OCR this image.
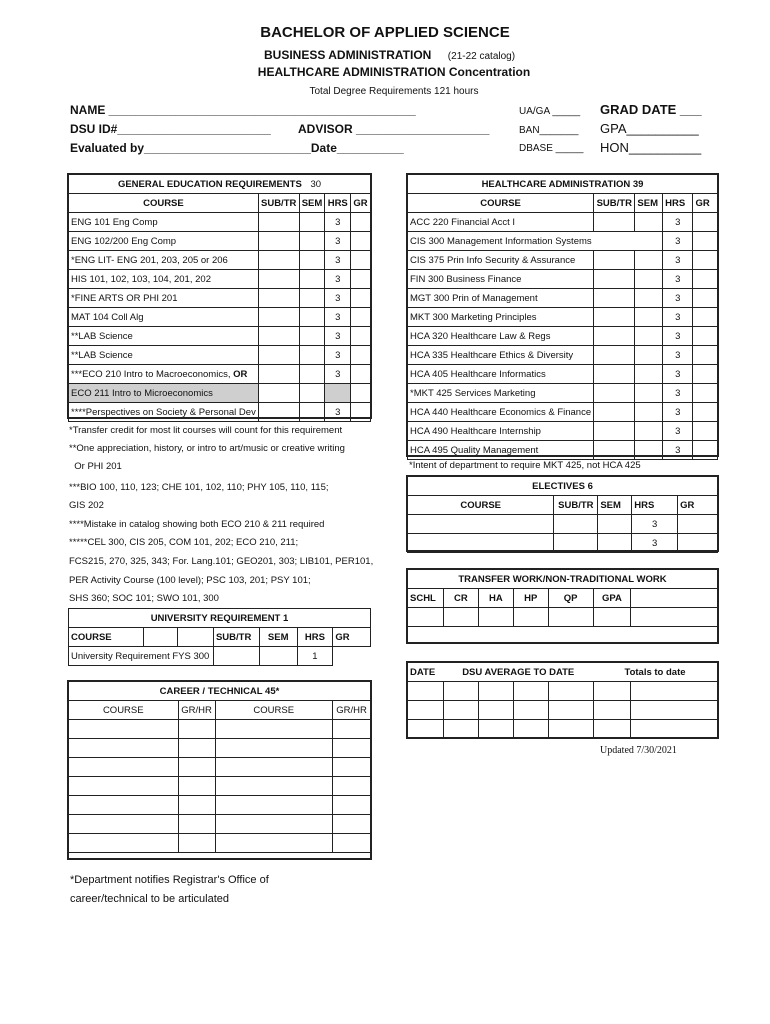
BACHELOR OF APPLIED SCIENCE
BUSINESS ADMINISTRATION (21-22 catalog)
HEALTHCARE ADMINISTRATION Concentration
Total Degree Requirements 121 hours
NAME ______________________________________________
DSU ID#_______________________ ADVISOR ____________________
Evaluated by_________________________Date__________
UA/GA _____
BAN_______
DBASE _____
GRAD DATE ___
GPA__________
HON__________
GENERAL EDUCATION REQUIREMENTS 30				
COURSE	SUB/TR	SEM	HRS	GR
ENG 101 Eng Comp			3	
ENG 102/200 Eng Comp			3	
*ENG LIT- ENG 201, 203, 205 or 206			3	
HIS 101, 102, 103, 104, 201, 202			3	
*FINE ARTS OR PHI 201			3	
MAT 104 Coll Alg			3	
**LAB Science			3	
**LAB Science			3	
***ECO 210 Intro to Macroeconomics, OR			3	
ECO 211 Intro to Microeconomics				
****Perspectives on Society & Personal Dev			3	
*Transfer credit for most lit courses will count for this requirement
**One appreciation, history, or intro to art/music or creative writing
Or PHI 201
***BIO 100, 110, 123; CHE 101, 102, 110; PHY 105, 110, 115;
GIS 202
****Mistake in catalog showing both ECO 210 & 211 required
*****CEL 300, CIS 205, COM 101, 202; ECO 210, 211;
FCS215, 270, 325, 343; For. Lang.101; GEO201, 303; LIB101, PER101,
PER Activity Course (100 level); PSC 103, 201; PSY 101;
SHS 360; SOC 101; SWO 101, 300
UNIVERSITY REQUIREMENT 1						
COURSE			SUB/TR	SEM	HRS	GR
University Requirement FYS 300					1	
CAREER / TECHNICAL 45*			
COURSE	GR/HR	COURSE	GR/HR

*Department notifies Registrar's Office of
career/technical to be articulated
HEALTHCARE ADMINISTRATION 39				
COURSE	SUB/TR	SEM	HRS	GR
ACC 220 Financial Acct I			3	
CIS 300 Management Information Systems			3	
CIS 375 Prin Info Security & Assurance			3	
FIN 300 Business Finance			3	
MGT 300 Prin of Management			3	
MKT 300 Marketing Principles			3	
HCA 320 Healthcare Law & Regs			3	
HCA 335 Healthcare Ethics & Diversity			3	
HCA 405 Healthcare Informatics			3	
*MKT 425 Services Marketing			3	
HCA 440 Healthcare Economics & Finance			3	
HCA 490 Healthcare Internship			3	
HCA 495 Quality Management			3	
*Intent of department to require MKT 425, not HCA 425
ELECTIVES 6				
COURSE	SUB/TR	SEM	HRS	GR
			3	
			3	
TRANSFER WORK/NON-TRADITIONAL WORK						
SCHL	CR	HA	HP	QP	GPA	

DATE	DSU AVERAGE TO DATE				Totals to date	

Updated 7/30/2021
